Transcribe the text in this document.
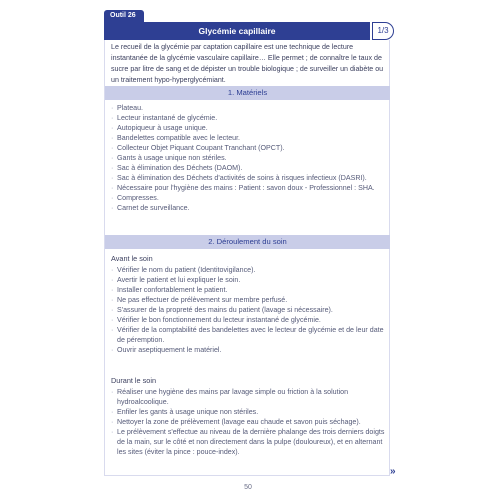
Outil 26
Glycémie capillaire	1/3

Le recueil de la glycémie par captation capillaire est une technique de lecture instantanée de la glycémie vasculaire capillaire… Elle permet ; de connaître le taux de sucre par litre de sang et de dépister un trouble biologique ; de surveiller un diabète ou un traitement hypo-hyperglycémiant.

1. Matériels
· Plateau.
· Lecteur instantané de glycémie.
· Autopiqueur à usage unique.
· Bandelettes compatible avec le lecteur.
· Collecteur Objet Piquant Coupant Tranchant (OPCT).
· Gants à usage unique non stériles.
· Sac à élimination des Déchets (DAOM).
· Sac à élimination des Déchets d'activités de soins à risques infectieux (DASRI).
· Nécessaire pour l'hygiène des mains : Patient : savon doux - Professionnel : SHA.
· Compresses.
· Carnet de surveillance.
2. Déroulement du soin
Avant le soin
· Vérifier le nom du patient (Identitovigilance).
· Avertir le patient et lui expliquer le soin.
· Installer confortablement le patient.
· Ne pas effectuer de prélèvement sur membre perfusé.
· S'assurer de la propreté des mains du patient (lavage si nécessaire).
· Vérifier le bon fonctionnement du lecteur instantané de glycémie.
· Vérifier de la comptabilité des bandelettes avec le lecteur de glycémie et de leur date de péremption.
· Ouvrir aseptiquement le matériel.
Durant le soin
· Réaliser une hygiène des mains par lavage simple ou friction à la solution hydroalcoolique.
· Enfiler les gants à usage unique non stériles.
· Nettoyer la zone de prélèvement (lavage eau chaude et savon puis séchage).
· Le prélèvement s'effectue au niveau de la dernière phalange des trois derniers doigts de la main, sur le côté et non directement dans la pulpe (douloureux), et en alternant les sites (éviter la pince : pouce-index).
»
50
